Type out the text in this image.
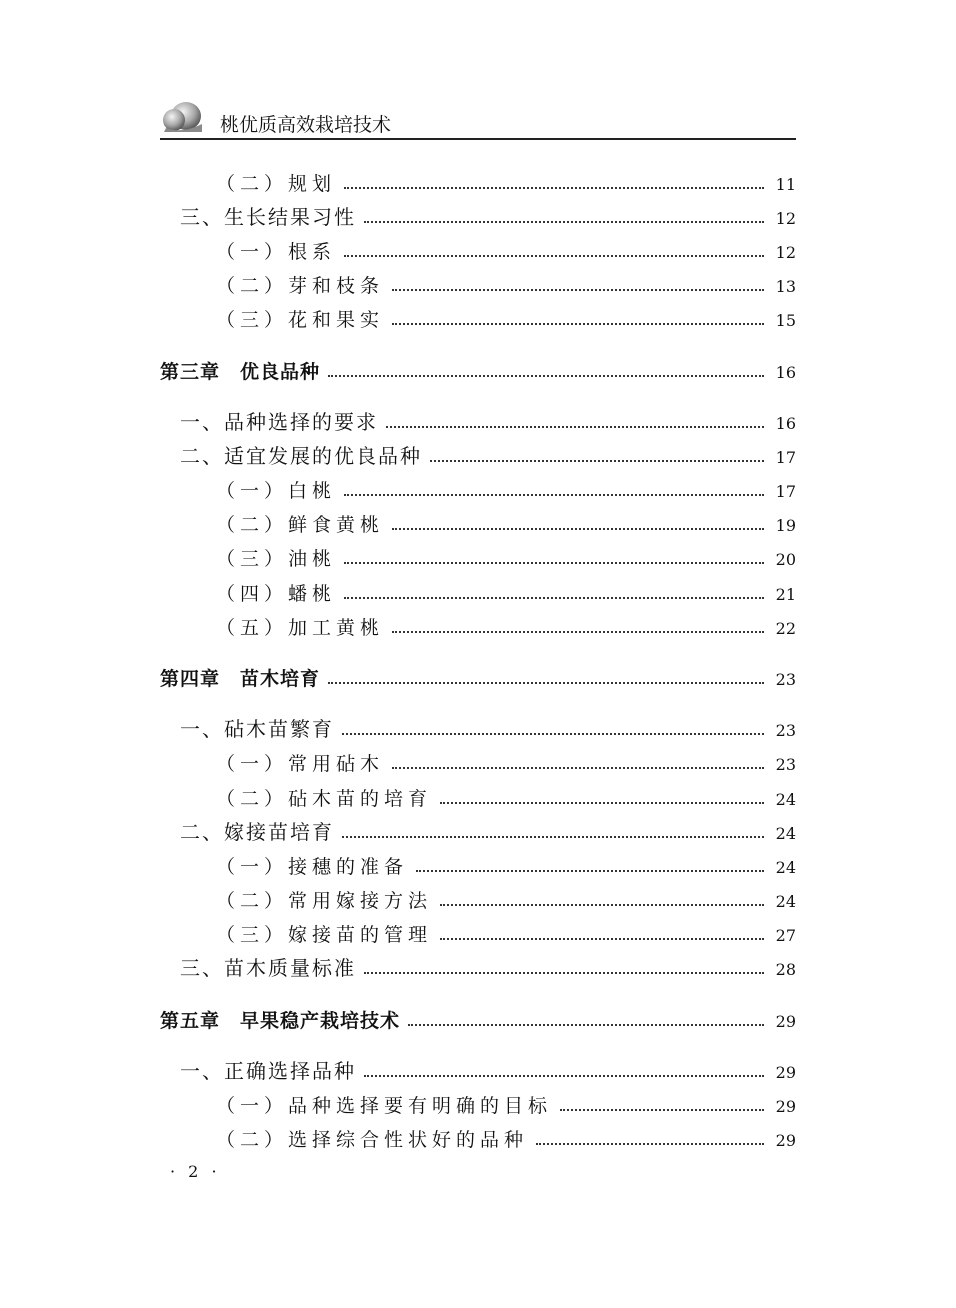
桃优质高效栽培技术
（二）规划	11
三、生长结果习性	12
（一）根系	12
（二）芽和枝条	13
（三）花和果实	15
第三章　优良品种	16
一、品种选择的要求	16
二、适宜发展的优良品种	17
（一）白桃	17
（二）鲜食黄桃	19
（三）油桃	20
（四）蟠桃	21
（五）加工黄桃	22
第四章　苗木培育	23
一、砧木苗繁育	23
（一）常用砧木	23
（二）砧木苗的培育	24
二、嫁接苗培育	24
（一）接穗的准备	24
（二）常用嫁接方法	24
（三）嫁接苗的管理	27
三、苗木质量标准	28
第五章　早果稳产栽培技术	29
一、正确选择品种	29
（一）品种选择要有明确的目标	29
（二）选择综合性状好的品种	29
· 2 ·
